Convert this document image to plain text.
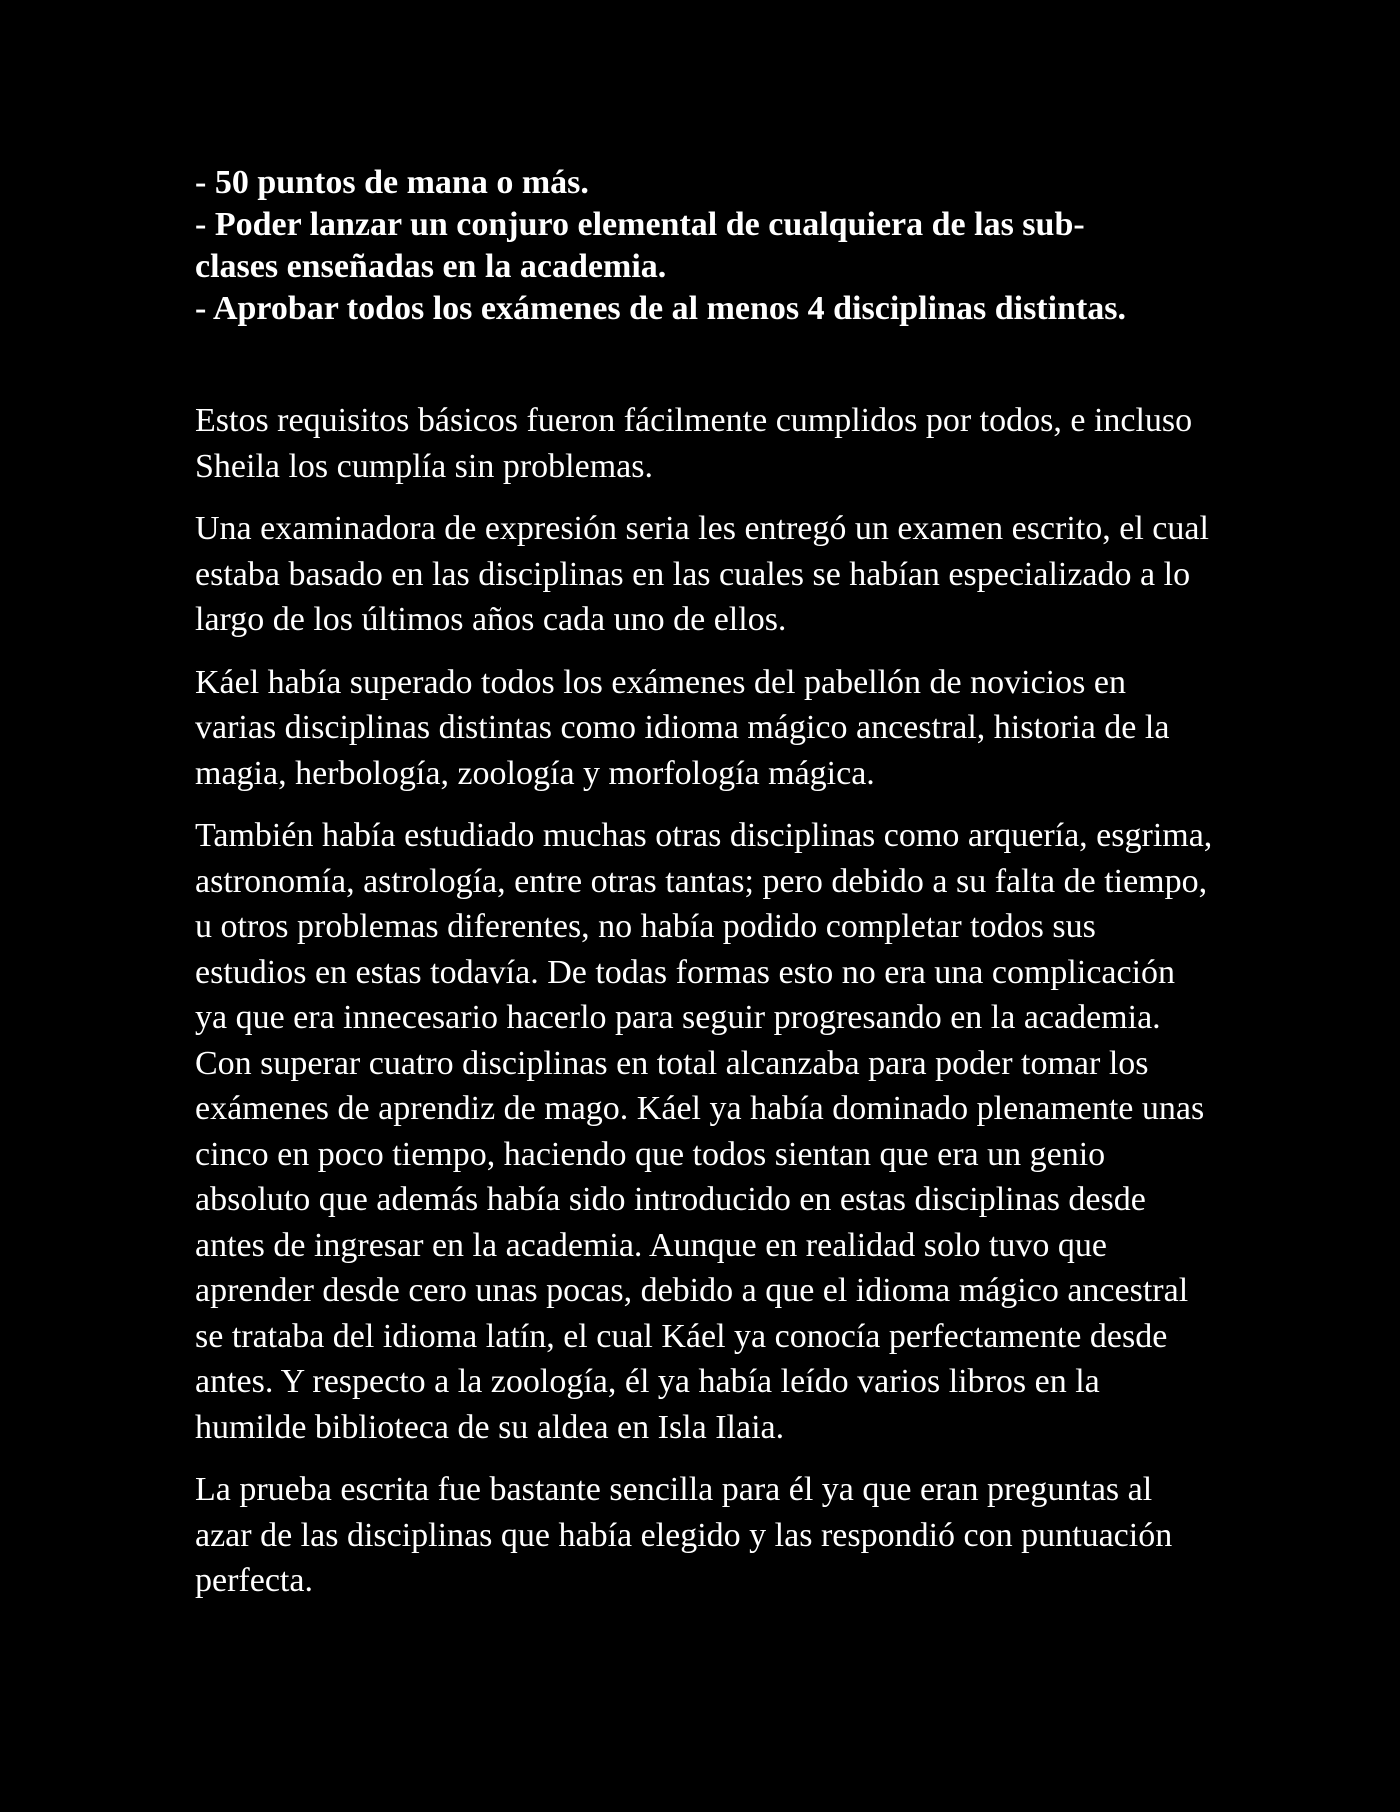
- 50 puntos de mana o más.
- Poder lanzar un conjuro elemental de cualquiera de las sub-
clases enseñadas en la academia.
- Aprobar todos los exámenes de al menos 4 disciplinas distintas.

Estos requisitos básicos fueron fácilmente cumplidos por todos, e incluso Sheila los cumplía sin problemas.

Una examinadora de expresión seria les entregó un examen escrito, el cual estaba basado en las disciplinas en las cuales se habían especializado a lo largo de los últimos años cada uno de ellos.

Káel había superado todos los exámenes del pabellón de novicios en varias disciplinas distintas como idioma mágico ancestral, historia de la magia, herbología, zoología y morfología mágica.

También había estudiado muchas otras disciplinas como arquería, esgrima, astronomía, astrología, entre otras tantas; pero debido a su falta de tiempo, u otros problemas diferentes, no había podido completar todos sus estudios en estas todavía. De todas formas esto no era una complicación ya que era innecesario hacerlo para seguir progresando en la academia. Con superar cuatro disciplinas en total alcanzaba para poder tomar los exámenes de aprendiz de mago. Káel ya había dominado plenamente unas cinco en poco tiempo, haciendo que todos sientan que era un genio absoluto que además había sido introducido en estas disciplinas desde antes de ingresar en la academia. Aunque en realidad solo tuvo que aprender desde cero unas pocas, debido a que el idioma mágico ancestral se trataba del idioma latín, el cual Káel ya conocía perfectamente desde antes. Y respecto a la zoología, él ya había leído varios libros en la humilde biblioteca de su aldea en Isla Ilaia.

La prueba escrita fue bastante sencilla para él ya que eran preguntas al azar de las disciplinas que había elegido y las respondió con puntuación perfecta.
